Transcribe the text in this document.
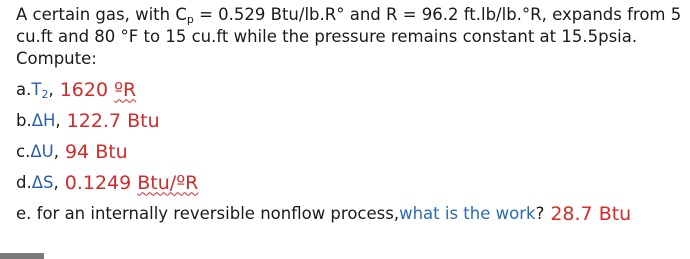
A certain gas, with $C_p = 0.529$ Btu/lb.R° and R = 96.2 ft.lb/lb.°R, expands from 5 cu.ft and 80 °F to 15 cu.ft while the pressure remains constant at 15.5psia. Compute:

a. $T_2$ , 1620 ºR
b. ΔH , 122.7 Btu
c. ΔU , 94 Btu
d. ΔS , 0.1249 Btu/ºR
e. for an internally reversible nonflow process, what is the work ? 28.7 Btu
